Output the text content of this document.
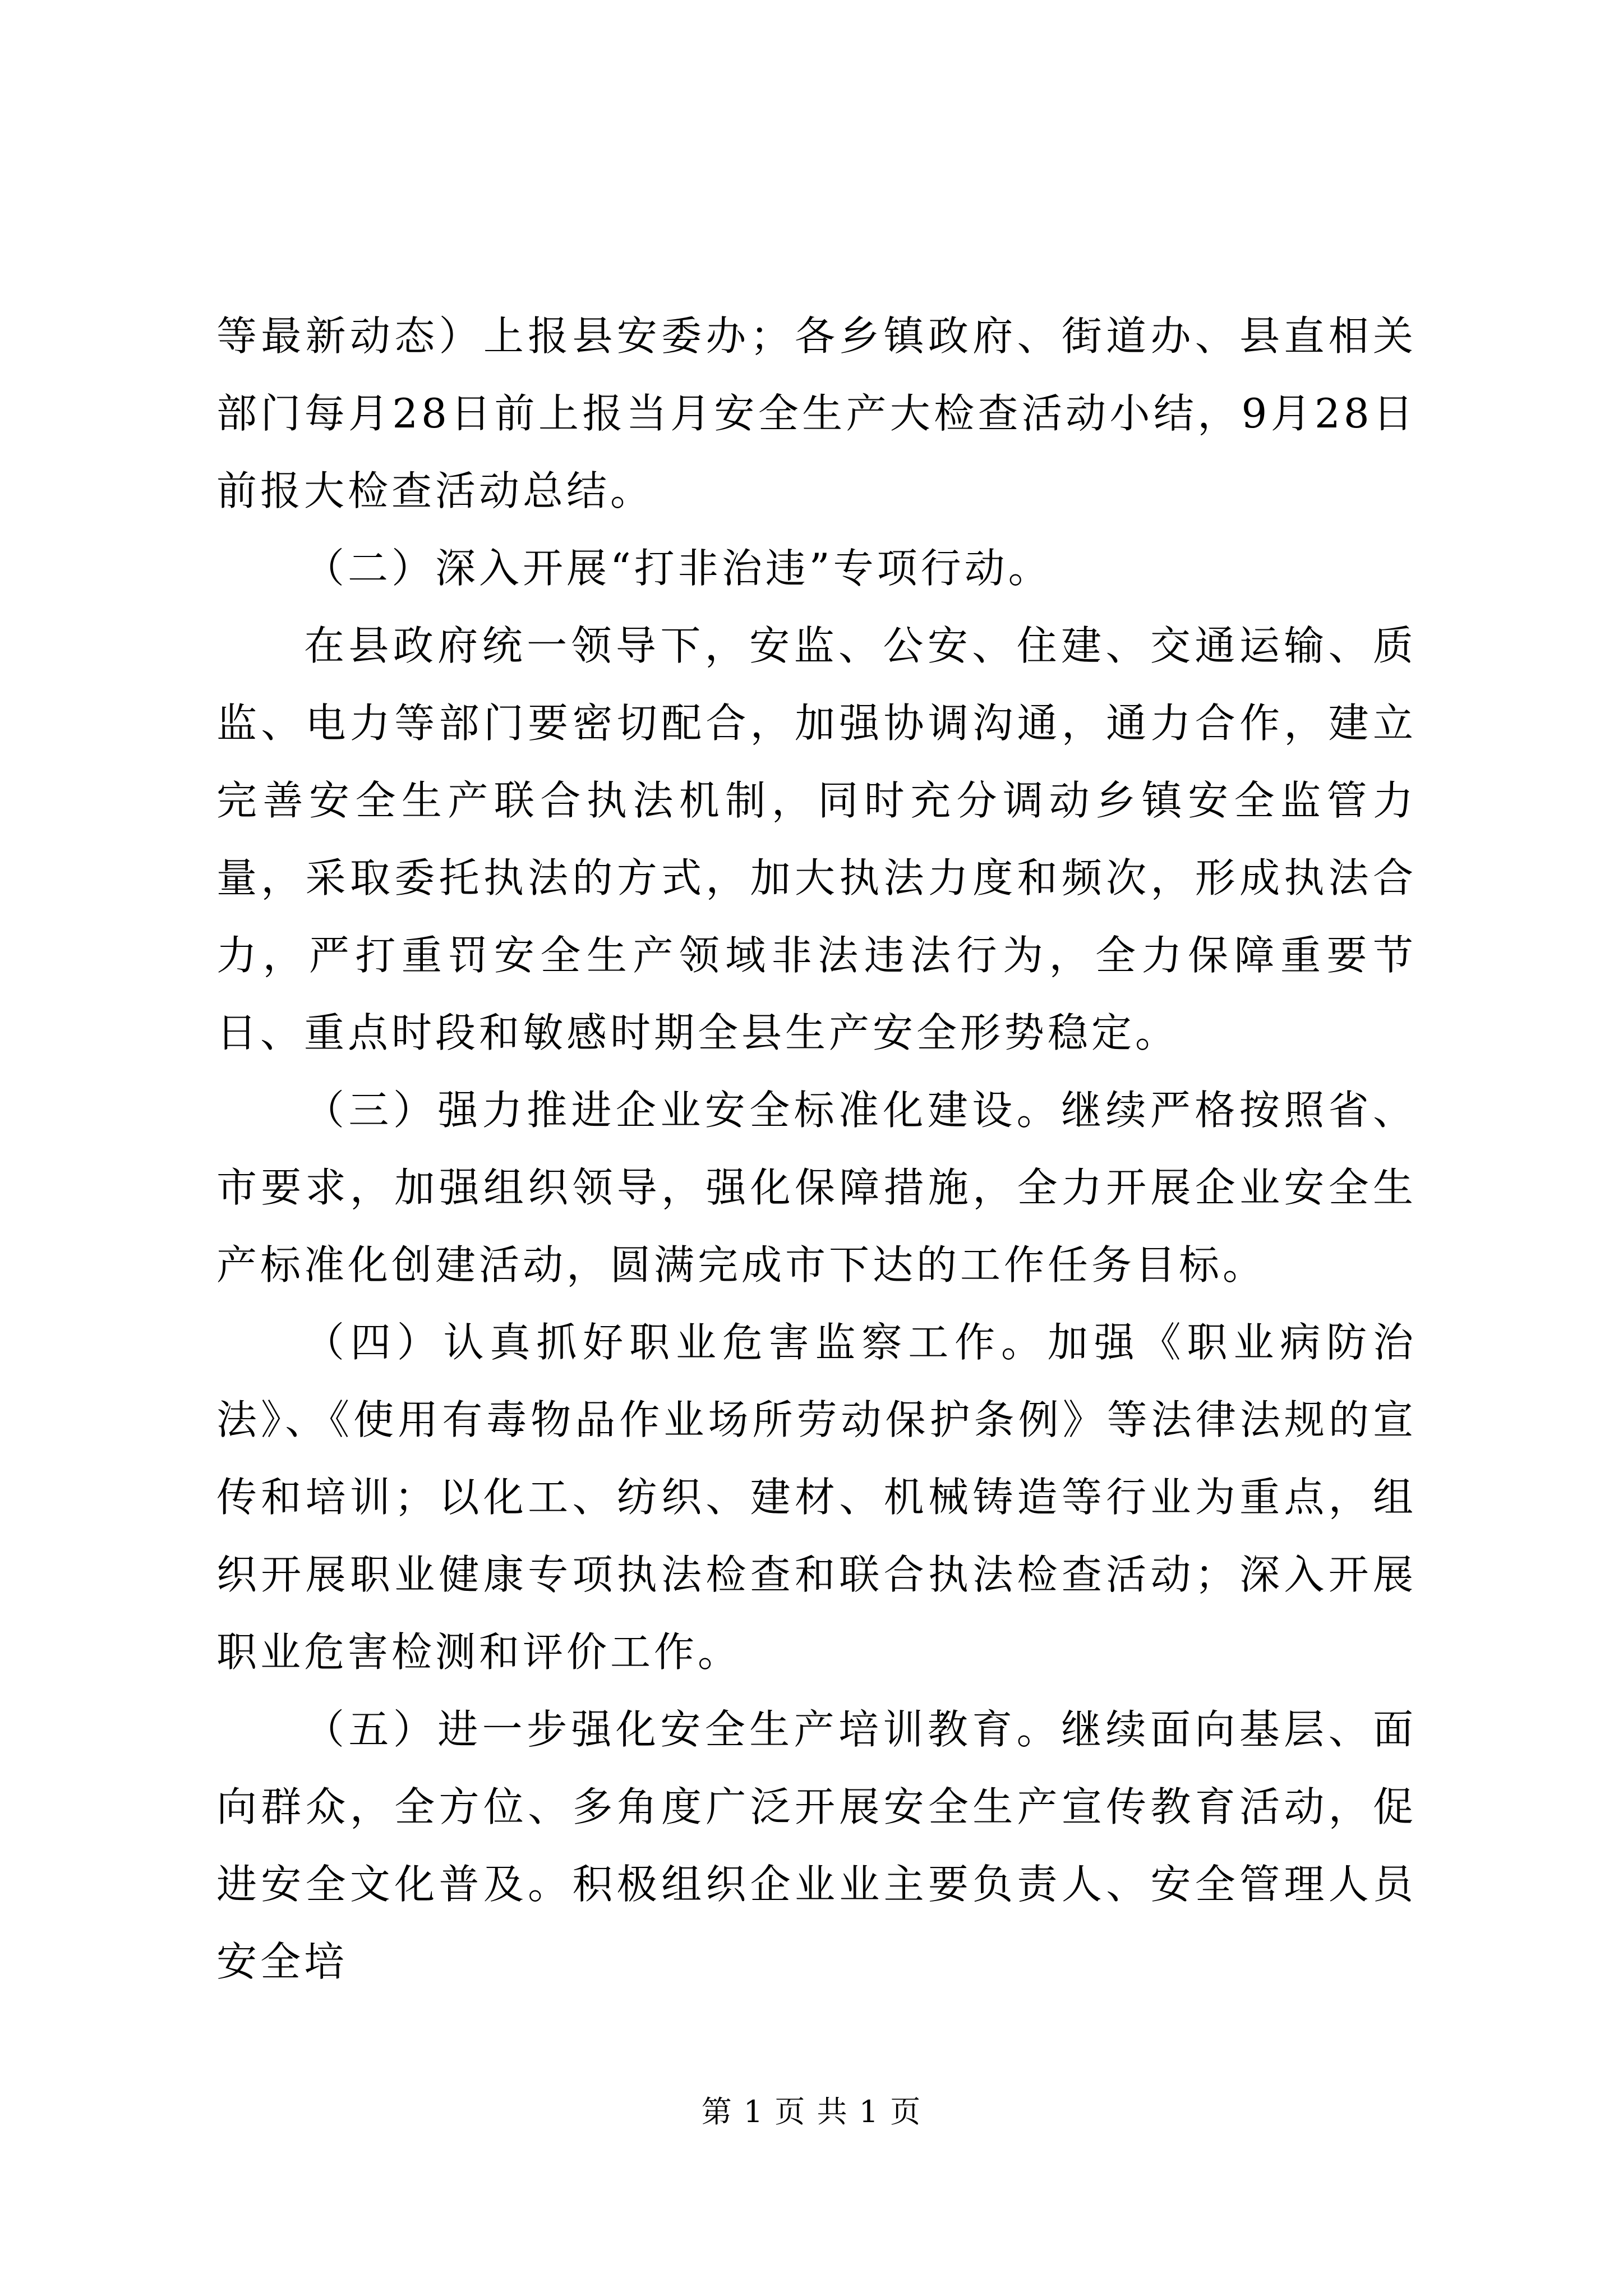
等最新动态）上报县安委办；各乡镇政府、街道办、县直相关部门每月28日前上报当月安全生产大检查活动小结，9月28日前报大检查活动总结。

（二）深入开展“打非治违”专项行动。

在县政府统一领导下，安监、公安、住建、交通运输、质监、电力等部门要密切配合，加强协调沟通，通力合作，建立完善安全生产联合执法机制，同时充分调动乡镇安全监管力量，采取委托执法的方式，加大执法力度和频次，形成执法合力，严打重罚安全生产领域非法违法行为，全力保障重要节日、重点时段和敏感时期全县生产安全形势稳定。

（三）强力推进企业安全标准化建设。继续严格按照省、市要求，加强组织领导，强化保障措施，全力开展企业安全生产标准化创建活动，圆满完成市下达的工作任务目标。

（四）认真抓好职业危害监察工作。加强《职业病防治法》、《使用有毒物品作业场所劳动保护条例》等法律法规的宣传和培训；以化工、纺织、建材、机械铸造等行业为重点，组织开展职业健康专项执法检查和联合执法检查活动；深入开展职业危害检测和评价工作。

（五）进一步强化安全生产培训教育。继续面向基层、面向群众，全方位、多角度广泛开展安全生产宣传教育活动，促进安全文化普及。积极组织企业业主要负责人、安全管理人员安全培

第 1 页 共 1 页
